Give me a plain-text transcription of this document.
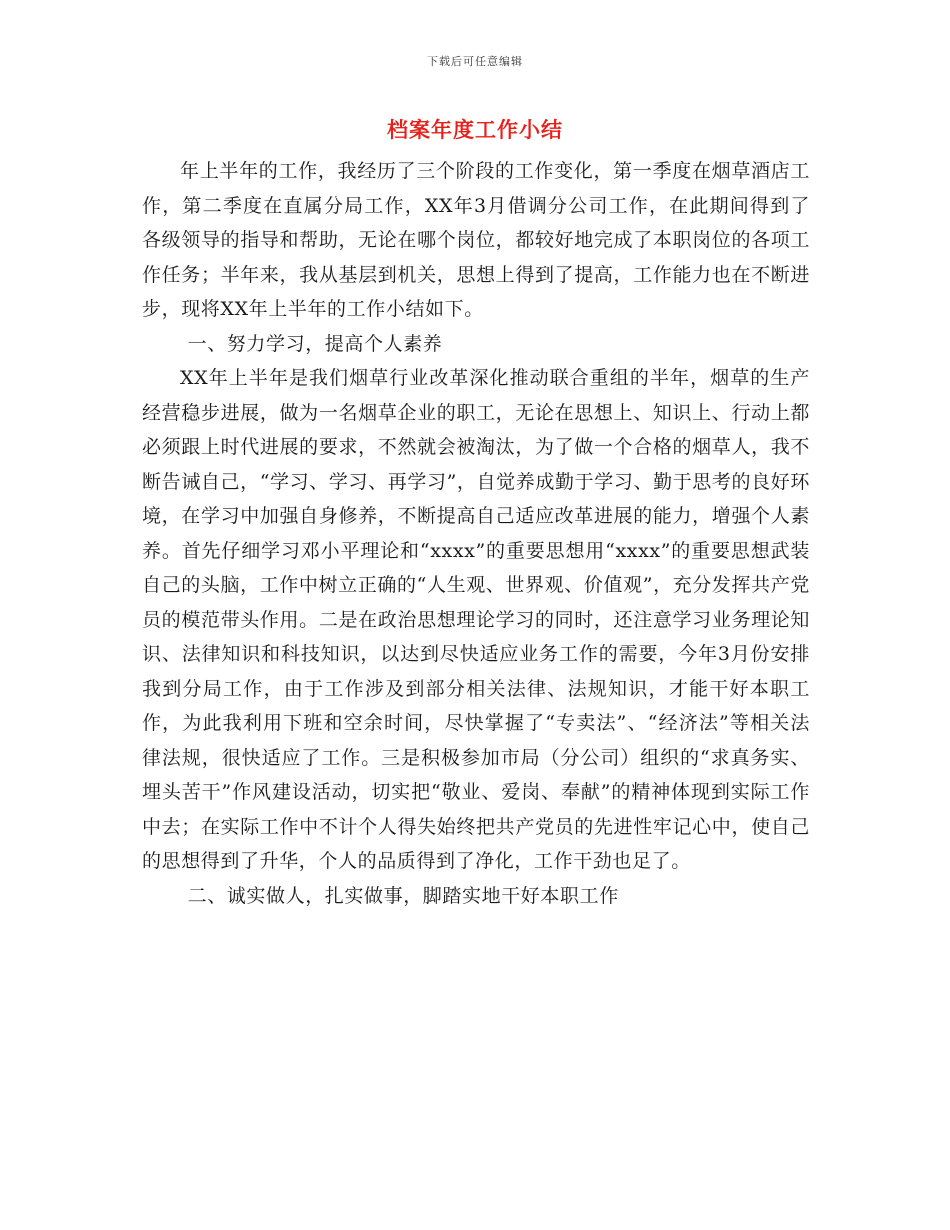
下载后可任意编辑
档案年度工作小结

年上半年的工作，我经历了三个阶段的工作变化，第一季度在烟草酒店工作，第二季度在直属分局工作，XX年3月借调分公司工作，在此期间得到了各级领导的指导和帮助，无论在哪个岗位，都较好地完成了本职岗位的各项工作任务；半年来，我从基层到机关，思想上得到了提高，工作能力也在不断进步，现将XX年上半年的工作小结如下。

一、努力学习，提高个人素养

XX年上半年是我们烟草行业改革深化推动联合重组的半年，烟草的生产经营稳步进展，做为一名烟草企业的职工，无论在思想上、知识上、行动上都必须跟上时代进展的要求，不然就会被淘汰，为了做一个合格的烟草人，我不断告诫自己，“学习、学习、再学习”，自觉养成勤于学习、勤于思考的良好环境，在学习中加强自身修养，不断提高自己适应改革进展的能力，增强个人素养。首先仔细学习邓小平理论和“xxxx”的重要思想用“xxxx”的重要思想武装自己的头脑，工作中树立正确的“人生观、世界观、价值观”，充分发挥共产党员的模范带头作用。二是在政治思想理论学习的同时，还注意学习业务理论知识、法律知识和科技知识，以达到尽快适应业务工作的需要，今年3月份安排我到分局工作，由于工作涉及到部分相关法律、法规知识，才能干好本职工作，为此我利用下班和空余时间，尽快掌握了“专卖法”、“经济法”等相关法律法规，很快适应了工作。三是积极参加市局（分公司）组织的“求真务实、埋头苦干”作风建设活动，切实把“敬业、爱岗、奉献”的精神体现到实际工作中去；在实际工作中不计个人得失始终把共产党员的先进性牢记心中，使自己的思想得到了升华，个人的品质得到了净化，工作干劲也足了。

二、诚实做人，扎实做事，脚踏实地干好本职工作
